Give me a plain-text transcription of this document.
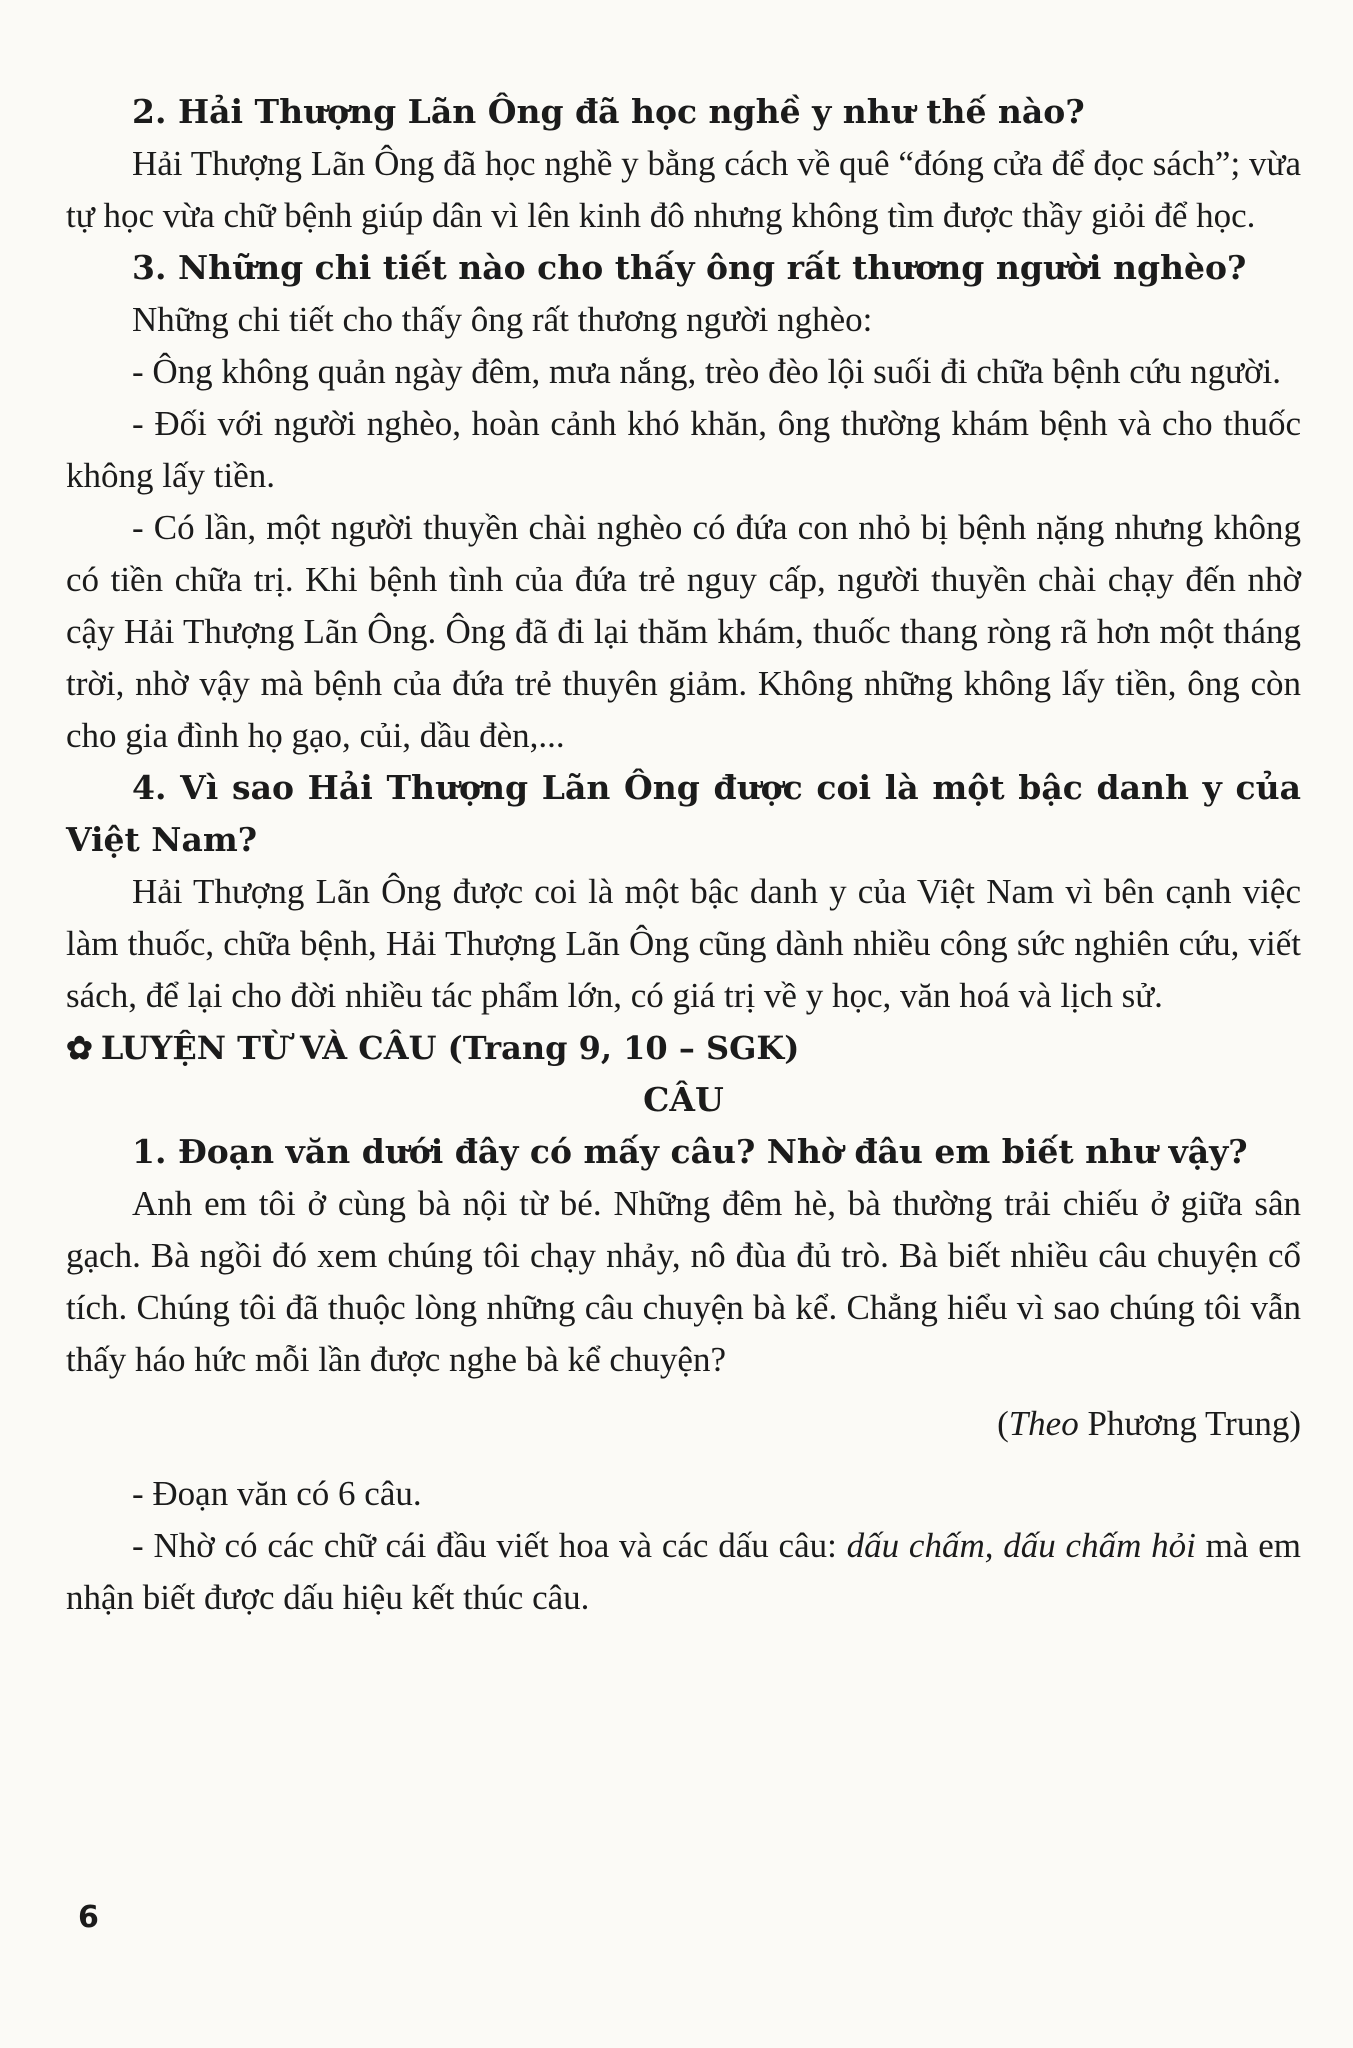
2. Hải Thượng Lãn Ông đã học nghề y như thế nào?

Hải Thượng Lãn Ông đã học nghề y bằng cách về quê “đóng cửa để đọc sách”; vừa tự học vừa chữ bệnh giúp dân vì lên kinh đô nhưng không tìm được thầy giỏi để học.

3. Những chi tiết nào cho thấy ông rất thương người nghèo?

Những chi tiết cho thấy ông rất thương người nghèo:

- Ông không quản ngày đêm, mưa nắng, trèo đèo lội suối đi chữa bệnh cứu người.

- Đối với người nghèo, hoàn cảnh khó khăn, ông thường khám bệnh và cho thuốc không lấy tiền.

- Có lần, một người thuyền chài nghèo có đứa con nhỏ bị bệnh nặng nhưng không có tiền chữa trị. Khi bệnh tình của đứa trẻ nguy cấp, người thuyền chài chạy đến nhờ cậy Hải Thượng Lãn Ông. Ông đã đi lại thăm khám, thuốc thang ròng rã hơn một tháng trời, nhờ vậy mà bệnh của đứa trẻ thuyên giảm. Không những không lấy tiền, ông còn cho gia đình họ gạo, củi, dầu đèn,...

4. Vì sao Hải Thượng Lãn Ông được coi là một bậc danh y của Việt Nam?

Hải Thượng Lãn Ông được coi là một bậc danh y của Việt Nam vì bên cạnh việc làm thuốc, chữa bệnh, Hải Thượng Lãn Ông cũng dành nhiều công sức nghiên cứu, viết sách, để lại cho đời nhiều tác phẩm lớn, có giá trị về y học, văn hoá và lịch sử.

✿ LUYỆN TỪ VÀ CÂU (Trang 9, 10 – SGK)

CÂU

1. Đoạn văn dưới đây có mấy câu? Nhờ đâu em biết như vậy?

Anh em tôi ở cùng bà nội từ bé. Những đêm hè, bà thường trải chiếu ở giữa sân gạch. Bà ngồi đó xem chúng tôi chạy nhảy, nô đùa đủ trò. Bà biết nhiều câu chuyện cổ tích. Chúng tôi đã thuộc lòng những câu chuyện bà kể. Chẳng hiểu vì sao chúng tôi vẫn thấy háo hức mỗi lần được nghe bà kể chuyện?

(Theo Phương Trung)

- Đoạn văn có 6 câu.

- Nhờ có các chữ cái đầu viết hoa và các dấu câu: dấu chấm, dấu chấm hỏi mà em nhận biết được dấu hiệu kết thúc câu.

6
